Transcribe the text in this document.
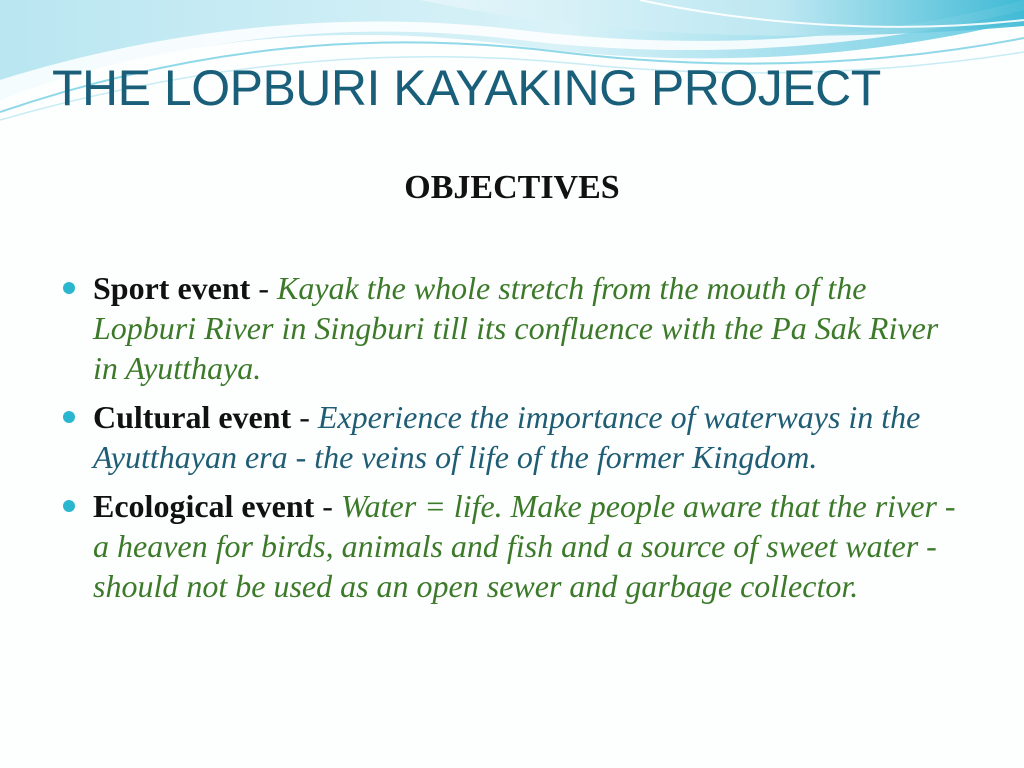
THE LOPBURI KAYAKING PROJECT
OBJECTIVES
Sport event - Kayak the whole stretch from the mouth of the Lopburi River in Singburi till its confluence with the Pa Sak River in Ayutthaya.
Cultural event - Experience the importance of waterways in the Ayutthayan era - the veins of life of the former Kingdom.
Ecological event - Water = life. Make people aware that the river - a heaven for birds, animals and fish and a source of sweet water - should not be used as an open sewer and garbage collector.
